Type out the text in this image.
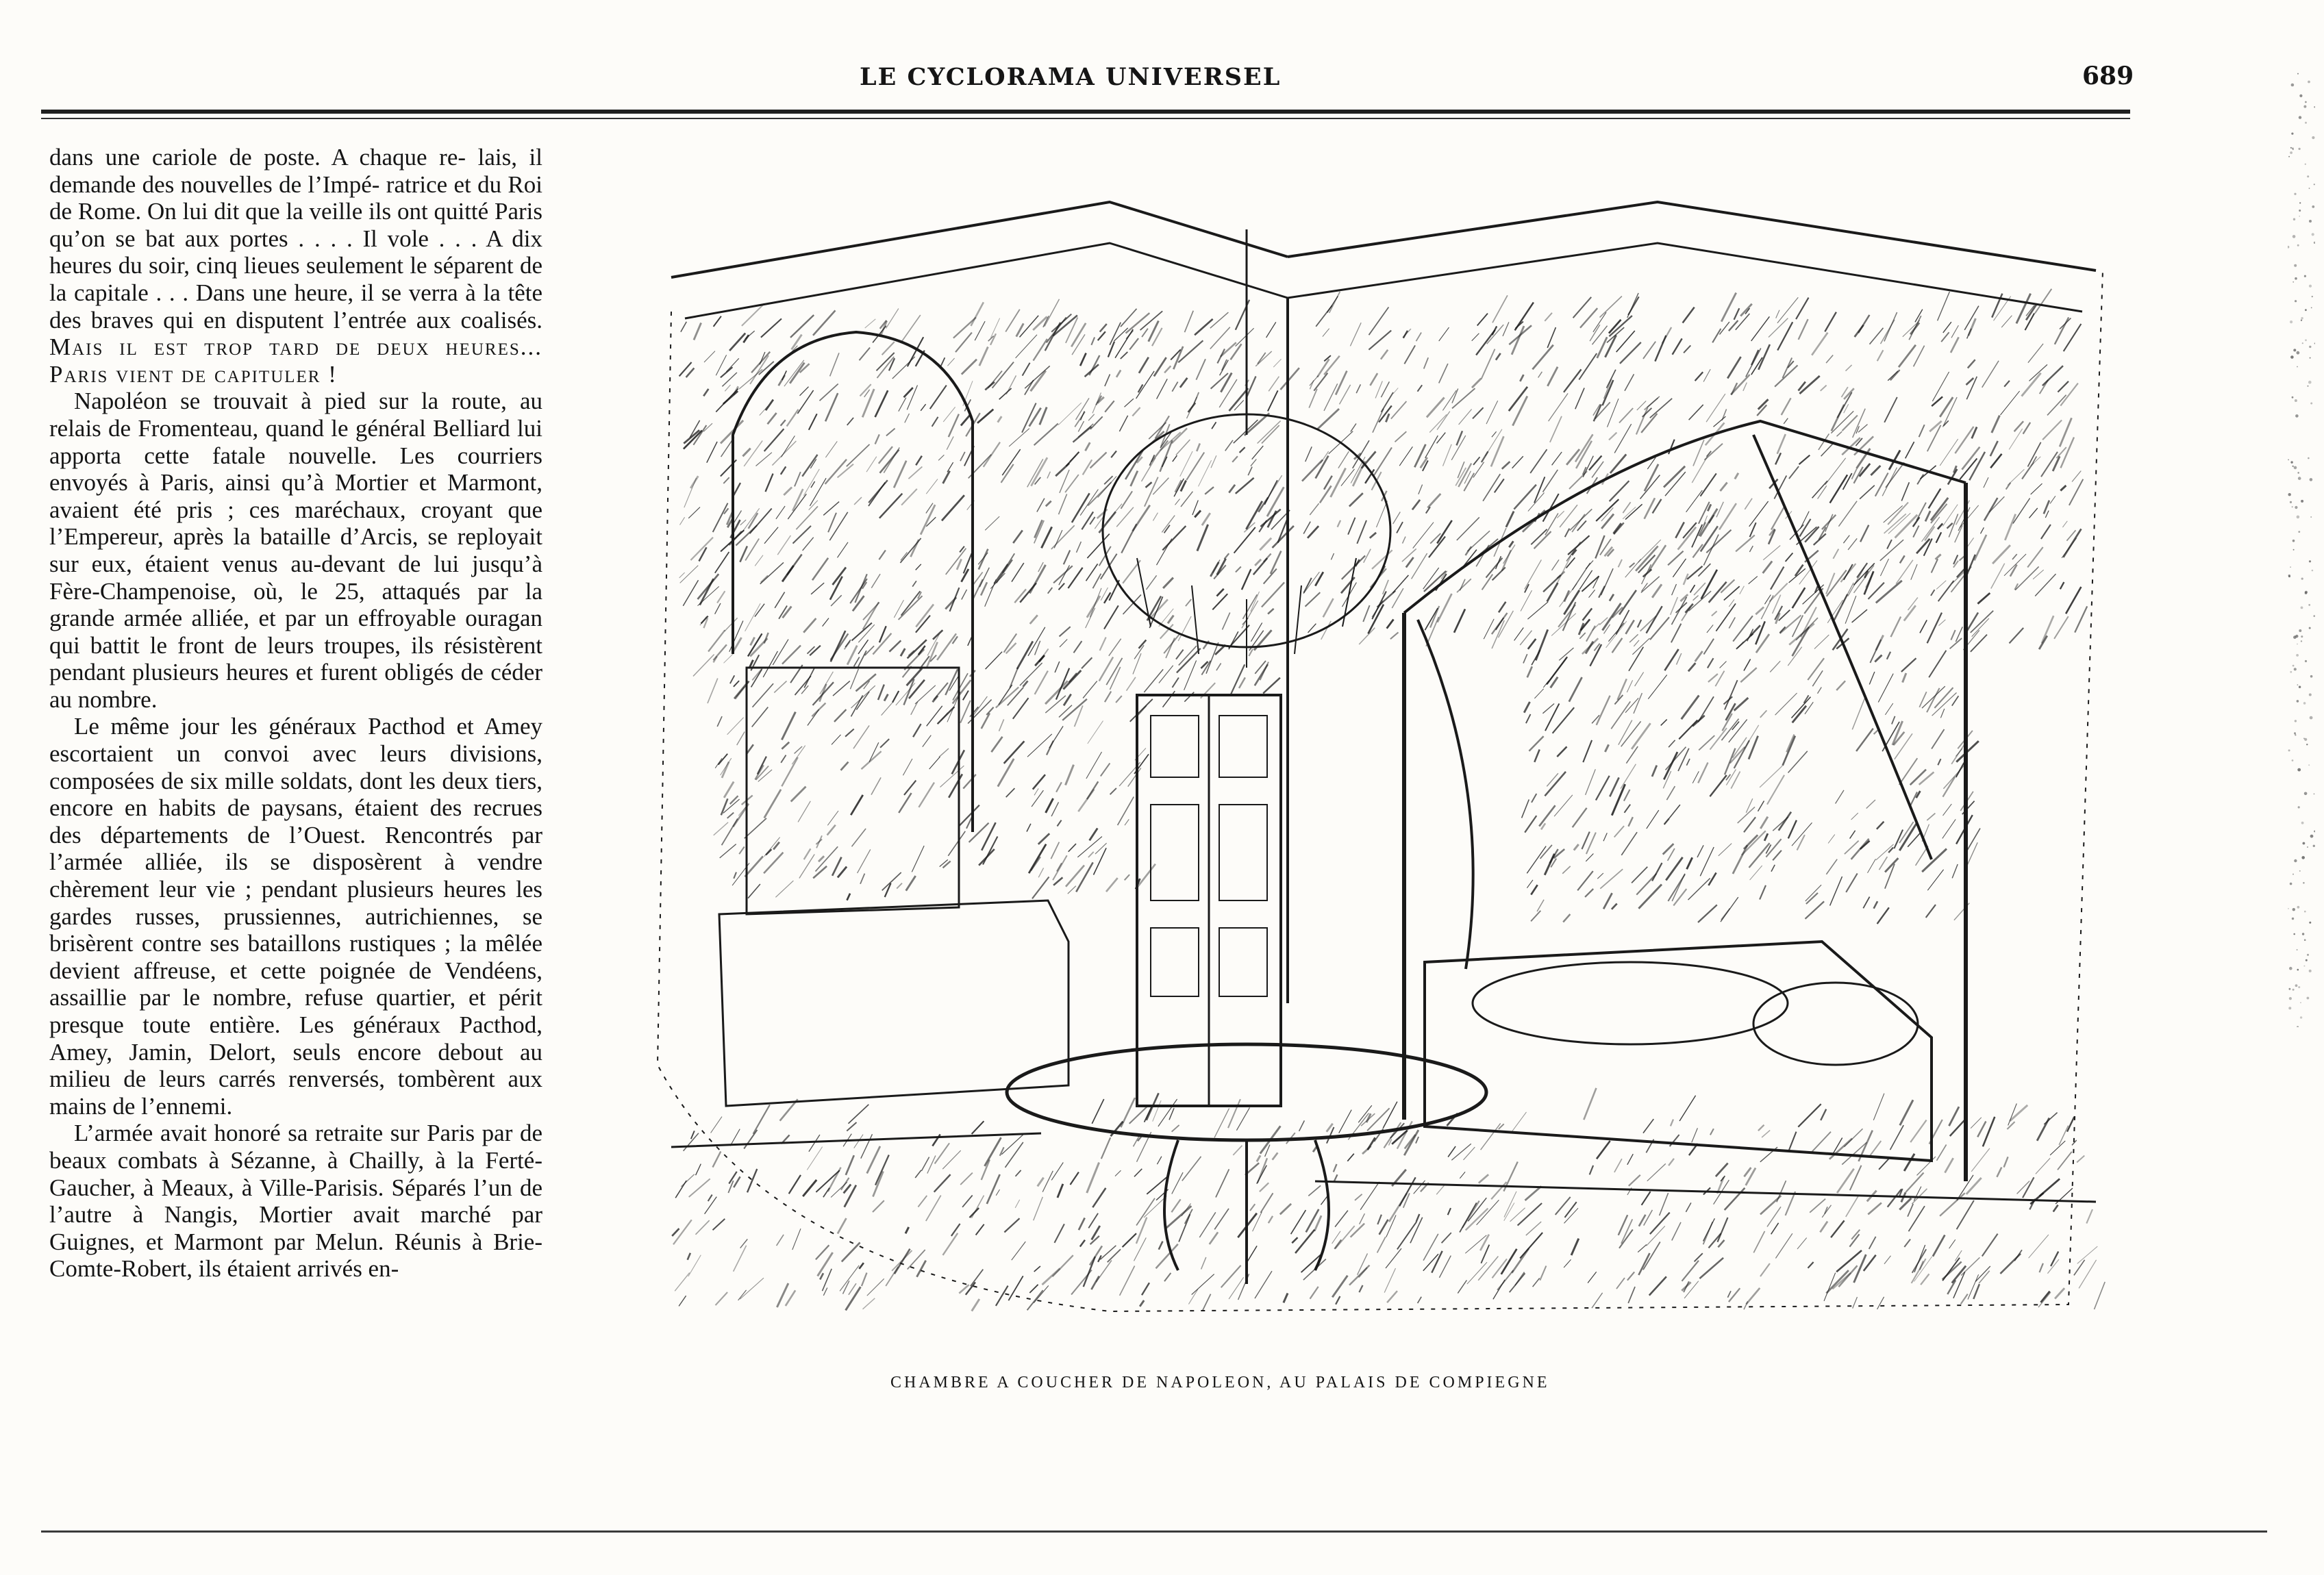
LE CYCLORAMA UNIVERSEL	689

dans une cariole de poste. A chaque re- lais, il demande des nouvelles de l’Impé- ratrice et du Roi de Rome. On lui dit que la veille ils ont quitté Paris qu’on se bat aux portes . . . . Il vole . . . A dix heures du soir, cinq lieues seulement le séparent de la capitale . . . Dans une heure, il se verra à la tête des braves qui en disputent l’entrée aux coalisés. Mais il est trop tard de deux heures... Paris vient de capituler !

Napoléon se trouvait à pied sur la route, au relais de Fromenteau, quand le général Belliard lui apporta cette fatale nouvelle. Les courriers envoyés à Paris, ainsi qu’à Mortier et Marmont, avaient été pris ; ces maréchaux, croyant que l’Empereur, après la bataille d’Arcis, se reployait sur eux, étaient venus au-devant de lui jusqu’à Fère-Champenoise, où, le 25, attaqués par la grande armée alliée, et par un effroyable ouragan qui battit le front de leurs troupes, ils résistèrent pendant plusieurs heures et furent obligés de céder au nombre.

Le même jour les généraux Pacthod et Amey escortaient un convoi avec leurs divisions, composées de six mille soldats, dont les deux tiers, encore en habits de paysans, étaient des recrues des départements de l’Ouest. Rencontrés par l’armée alliée, ils se disposèrent à vendre chèrement leur vie ; pendant plusieurs heures les gardes russes, prussiennes, autrichiennes, se brisèrent contre ses bataillons rustiques ; la mêlée devient affreuse, et cette poignée de Vendéens, assaillie par le nombre, refuse quartier, et périt presque toute entière. Les généraux Pacthod, Amey, Jamin, Delort, seuls encore debout au milieu de leurs carrés renversés, tombèrent aux mains de l’ennemi.

L’armée avait honoré sa retraite sur Paris par de beaux combats à Sézanne, à Chailly, à la Ferté-Gaucher, à Meaux, à Ville-Parisis. Séparés l’un de l’autre à Nangis, Mortier avait marché par Guignes, et Marmont par Melun. Réunis à Brie-Comte-Robert, ils étaient arrivés en-

CHAMBRE A COUCHER DE NAPOLEON, AU PALAIS DE COMPIEGNE
